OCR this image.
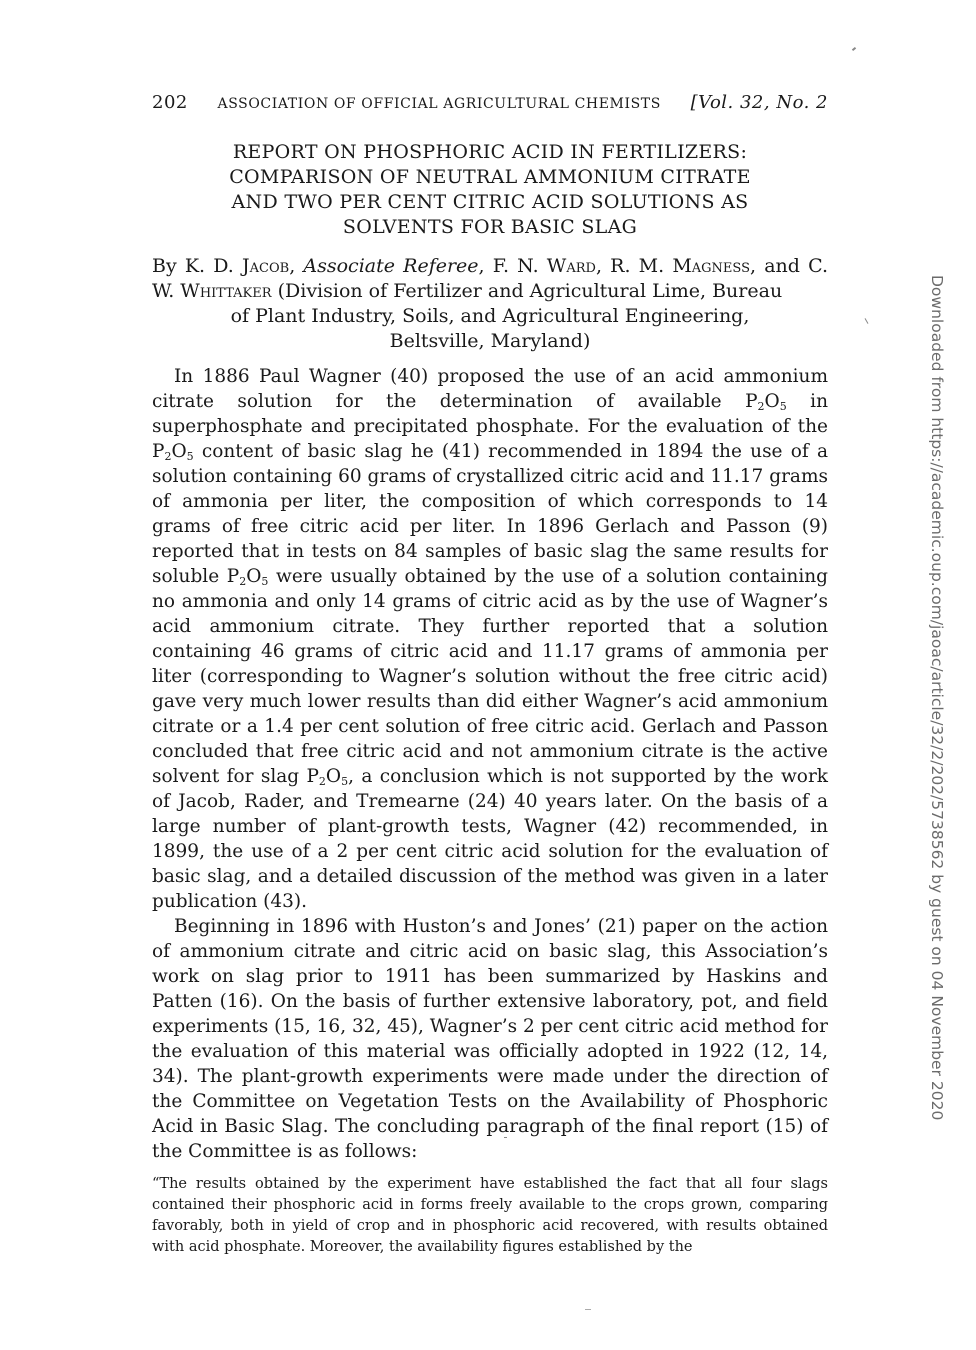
202 ASSOCIATION OF OFFICIAL AGRICULTURAL CHEMISTS [Vol. 32, No. 2
REPORT ON PHOSPHORIC ACID IN FERTILIZERS:
COMPARISON OF NEUTRAL AMMONIUM CITRATE
AND TWO PER CENT CITRIC ACID SOLUTIONS AS
SOLVENTS FOR BASIC SLAG
By K. D. Jacob, Associate Referee, F. N. Ward, R. M. Magness, and C. W. Whittaker (Division of Fertilizer and Agricultural Lime, Bureau
of Plant Industry, Soils, and Agricultural Engineering,
Beltsville, Maryland)

In 1886 Paul Wagner (40) proposed the use of an acid ammonium citrate solution for the determination of available $P_2O_5$ in superphosphate and precipitated phosphate. For the evaluation of the $P_2O_5$ content of basic slag he (41) recommended in 1894 the use of a solution containing 60 grams of crystallized citric acid and 11.17 grams of ammonia per liter, the composition of which corresponds to 14 grams of free citric acid per liter. In 1896 Gerlach and Passon (9) reported that in tests on 84 samples of basic slag the same results for soluble $P_2O_5$ were usually obtained by the use of a solution containing no ammonia and only 14 grams of citric acid as by the use of Wagner’s acid ammonium citrate. They further reported that a solution containing 46 grams of citric acid and 11.17 grams of ammonia per liter (corresponding to Wagner’s solution without the free citric acid) gave very much lower results than did either Wagner’s acid ammonium citrate or a 1.4 per cent solution of free citric acid. Gerlach and Passon concluded that free citric acid and not ammonium citrate is the active solvent for slag $P_2O_5$, a conclusion which is not supported by the work of Jacob, Rader, and Tremearne (24) 40 years later. On the basis of a large number of plant-growth tests, Wagner (42) recommended, in 1899, the use of a 2 per cent citric acid solution for the evaluation of basic slag, and a detailed discussion of the method was given in a later publication (43).

Beginning in 1896 with Huston’s and Jones’ (21) paper on the action of ammonium citrate and citric acid on basic slag, this Association’s work on slag prior to 1911 has been summarized by Haskins and Patten (16). On the basis of further extensive laboratory, pot, and field experiments (15, 16, 32, 45), Wagner’s 2 per cent citric acid method for the evaluation of this material was officially adopted in 1922 (12, 14, 34). The plant-growth experiments were made under the direction of the Committee on Vegetation Tests on the Availability of Phosphoric Acid in Basic Slag. The concluding paragraph of the final report (15) of the Committee is as follows:

“The results obtained by the experiment have established the fact that all four slags contained their phosphoric acid in forms freely available to the crops grown, comparing favorably, both in yield of crop and in phosphoric acid recovered, with results obtained with acid phosphate. Moreover, the availability figures established by the
Downloaded from https://academic.oup.com/jaoac/article/32/2/202/5738562 by guest on 04 November 2020
